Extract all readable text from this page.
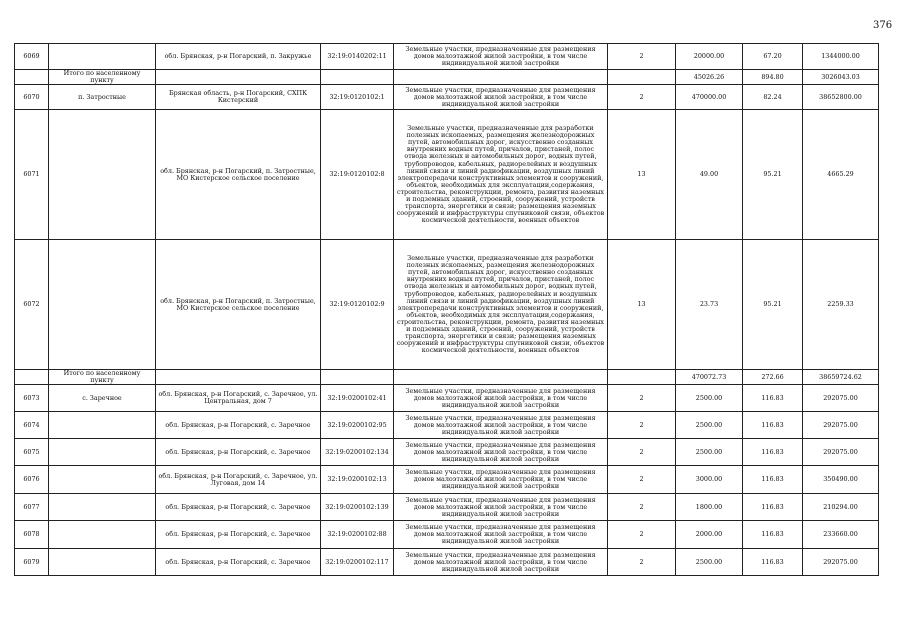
376
6069		обл. Брянская, р-н Погарский, п. Закружье	32:19:0140202:11	Земельные участки, предназначенные для размещения домов малоэтажной жилой застройки, в том числе индивидуальной жилой застройки	2	20000.00	67.20	1344000.00
	Итого по населенному пункту					45026.26	894.80	3026043.03
6070	п. Затростные	Брянская область, р-н Погарский, СХПК Кистерский	32:19:0120102:1	Земельные участки, предназначенные для размещения домов малоэтажной жилой застройки, в том числе индивидуальной жилой застройки	2	470000.00	82.24	38652800.00
6071		обл. Брянская, р-н Погарский, п. Затростные, МО Кистерское сельское поселение	32:19:0120102:8	Земельные участки, предназначенные для разработки полезных ископаемых, размещения железнодорожных путей, автомобильных дорог, искусственно созданных внутренних водных путей, причалов, пристаней, полос отвода железных и автомобильных дорог, водных путей, трубопроводов, кабельных, радиорелейных и воздушных линий связи и линий радиофикации, воздушных линий электропередачи конструктивных элементов и сооружений, объектов, необходимых для эксплуатации,содержания, строительства, реконструкции, ремонта, развития наземных и подземных зданий, строений, сооружений, устройств транспорта, энергетики и связи; размещения наземных сооружений и инфраструктуры спутниковой связи, объектов космической деятельности, военных объектов	13	49.00	95.21	4665.29
6072		обл. Брянская, р-н Погарский, п. Затростные, МО Кистерское сельское поселение	32:19:0120102:9	Земельные участки, предназначенные для разработки полезных ископаемых, размещения железнодорожных путей, автомобильных дорог, искусственно созданных внутренних водных путей, причалов, пристаней, полос отвода железных и автомобильных дорог, водных путей, трубопроводов, кабельных, радиорелейных и воздушных линий связи и линий радиофикации, воздушных линий электропередачи конструктивных элементов и сооружений, объектов, необходимых для эксплуатации,содержания, строительства, реконструкции, ремонта, развития наземных и подземных зданий, строений, сооружений, устройств транспорта, энергетики и связи; размещения наземных сооружений и инфраструктуры спутниковой связи, объектов космической деятельности, военных объектов	13	23.73	95.21	2259.33
	Итого по населенному пункту					470072.73	272.66	38659724.62
6073	с. Заречное	обл. Брянская, р-н Погарский, с. Заречное, ул. Центральная, дом 7	32:19:0200102:41	Земельные участки, предназначенные для размещения домов малоэтажной жилой застройки, в том числе индивидуальной жилой застройки	2	2500.00	116.83	292075.00
6074		обл. Брянская, р-н Погарский, с. Заречное	32:19:0200102:95	Земельные участки, предназначенные для размещения домов малоэтажной жилой застройки, в том числе индивидуальной жилой застройки	2	2500.00	116.83	292075.00
6075		обл. Брянская, р-н Погарский, с. Заречное	32:19:0200102:134	Земельные участки, предназначенные для размещения домов малоэтажной жилой застройки, в том числе индивидуальной жилой застройки	2	2500.00	116.83	292075.00
6076		обл. Брянская, р-н Погарский, с. Заречное, ул. Луговая, дом 14	32:19:0200102:13	Земельные участки, предназначенные для размещения домов малоэтажной жилой застройки, в том числе индивидуальной жилой застройки	2	3000.00	116.83	350490.00
6077		обл. Брянская, р-н Погарский, с. Заречное	32:19:0200102:139	Земельные участки, предназначенные для размещения домов малоэтажной жилой застройки, в том числе индивидуальной жилой застройки	2	1800.00	116.83	210294.00
6078		обл. Брянская, р-н Погарский, с. Заречное	32:19:0200102:88	Земельные участки, предназначенные для размещения домов малоэтажной жилой застройки, в том числе индивидуальной жилой застройки	2	2000.00	116.83	233660.00
6079		обл. Брянская, р-н Погарский, с. Заречное	32:19:0200102:117	Земельные участки, предназначенные для размещения домов малоэтажной жилой застройки, в том числе индивидуальной жилой застройки	2	2500.00	116.83	292075.00
